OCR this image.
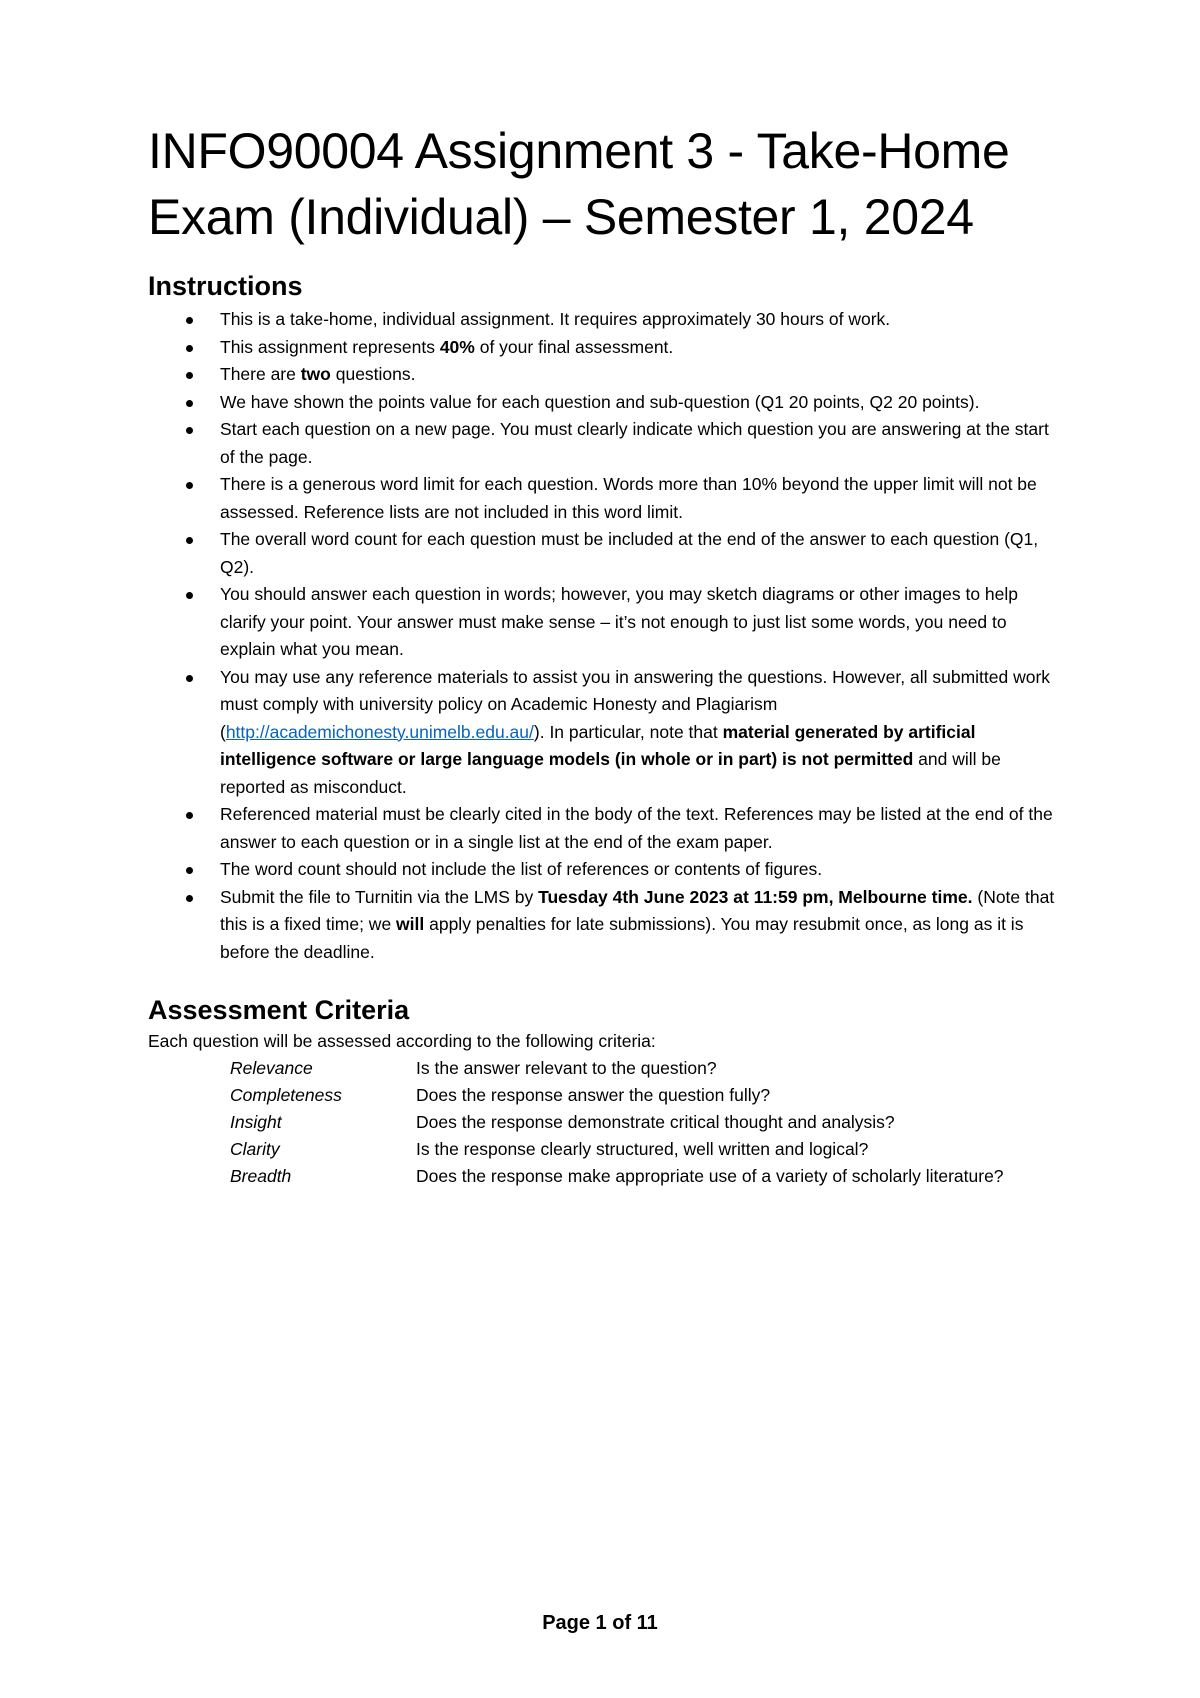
INFO90004 Assignment 3 - Take-Home
Exam (Individual) – Semester 1, 2024
Instructions
This is a take-home, individual assignment. It requires approximately 30 hours of work.
This assignment represents 40% of your final assessment.
There are two questions.
We have shown the points value for each question and sub-question (Q1 20 points, Q2 20 points).
Start each question on a new page. You must clearly indicate which question you are answering at the start of the page.
There is a generous word limit for each question. Words more than 10% beyond the upper limit will not be assessed. Reference lists are not included in this word limit.
The overall word count for each question must be included at the end of the answer to each question (Q1, Q2).
You should answer each question in words; however, you may sketch diagrams or other images to help clarify your point. Your answer must make sense – it’s not enough to just list some words, you need to explain what you mean.
You may use any reference materials to assist you in answering the questions. However, all submitted work must comply with university policy on Academic Honesty and Plagiarism (http://academichonesty.unimelb.edu.au/). In particular, note that material generated by artificial intelligence software or large language models (in whole or in part) is not permitted and will be reported as misconduct.
Referenced material must be clearly cited in the body of the text. References may be listed at the end of the answer to each question or in a single list at the end of the exam paper.
The word count should not include the list of references or contents of figures.
Submit the file to Turnitin via the LMS by Tuesday 4th June 2023 at 11:59 pm, Melbourne time. (Note that this is a fixed time; we will apply penalties for late submissions). You may resubmit once, as long as it is before the deadline.
Assessment Criteria

Each question will be assessed according to the following criteria:

Relevance	Is the answer relevant to the question?
Completeness	Does the response answer the question fully?
Insight	Does the response demonstrate critical thought and analysis?
Clarity	Is the response clearly structured, well written and logical?
Breadth	Does the response make appropriate use of a variety of scholarly literature?
Page 1 of 11
